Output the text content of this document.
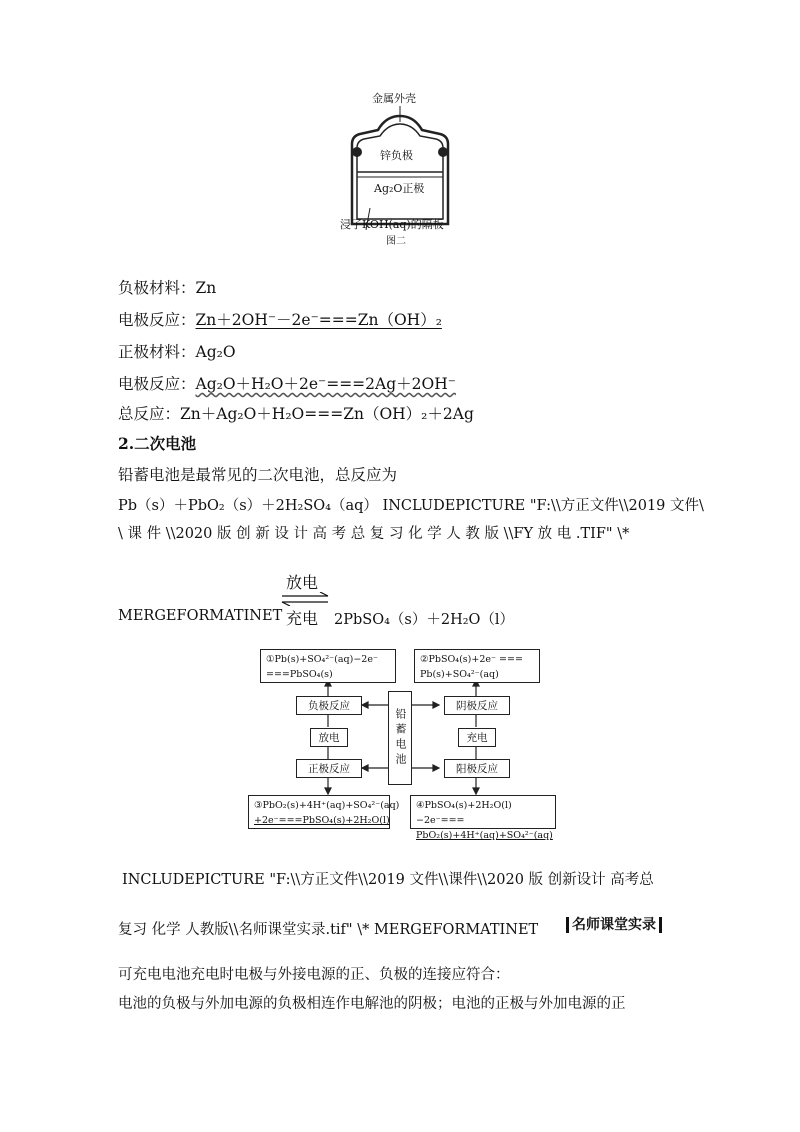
金属外壳
锌负极
Ag₂O正极
浸了KOH(aq)的隔板
图二
负极材料：Zn
电极反应：Zn＋2OH⁻－2e⁻===Zn（OH）₂
正极材料：Ag₂O
电极反应：Ag₂O＋H₂O＋2e⁻===2Ag＋2OH⁻
总反应：Zn＋Ag₂O＋H₂O===Zn（OH）₂＋2Ag
2.二次电池
铅蓄电池是最常见的二次电池，总反应为
Pb（s）＋PbO₂（s）＋2H₂SO₄（aq） INCLUDEPICTURE "F:\\方正文件\\2019 文件\
\ 课 件 \\2020 版 创 新 设 计 高 考 总 复 习 化 学 人 教 版 \\FY 放 电 .TIF" \*
MERGEFORMATINET
放电
充电 2PbSO₄（s）＋2H₂O（l）
①Pb(s)+SO₄²⁻(aq)−2e⁻
===PbSO₄(s)
②PbSO₄(s)+2e⁻ ===
Pb(s)+SO₄²⁻(aq)
负极反应	阴极反应
放电	充电
正极反应	阳极反应
铅蓄电池
③PbO₂(s)+4H⁺(aq)+SO₄²⁻(aq)
+2e⁻===PbSO₄(s)+2H₂O(l)
④PbSO₄(s)+2H₂O(l)−2e⁻===
PbO₂(s)+4H⁺(aq)+SO₄²⁻(aq)
INCLUDEPICTURE "F:\\方正文件\\2019 文件\\课件\\2020 版 创新设计 高考总
复习 化学 人教版\\名师课堂实录.tif" \* MERGEFORMATINET	名师课堂实录
可充电电池充电时电极与外接电源的正、负极的连接应符合：
电池的负极与外加电源的负极相连作电解池的阴极；电池的正极与外加电源的正
